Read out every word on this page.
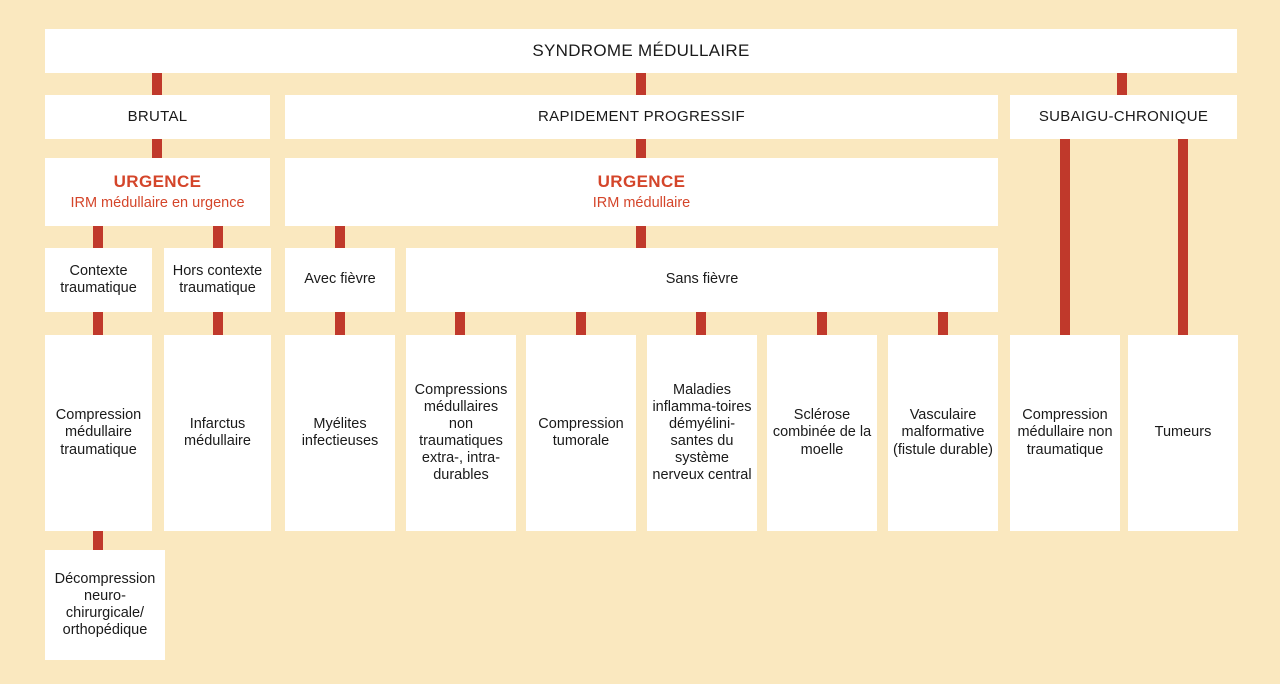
SYNDROME MÉDULLAIRE
BRUTAL	RAPIDEMENT PROGRESSIF	SUBAIGU-CHRONIQUE
URGENCE
IRM médullaire en urgence
URGENCE
IRM médullaire
Contexte traumatique
Hors contexte traumatique
Avec fièvre	Sans fièvre
Compression médullaire traumatique
Infarctus médullaire
Myélites infectieuses
Compressions médullaires non traumatiques extra-, intra-durables
Compression tumorale
Maladies inflamma-toires démyélini-santes du système nerveux central
Sclérose combinée de la moelle
Vasculaire malformative (fistule durable)
Compression médullaire non traumatique
Tumeurs
Décompression neuro-chirurgicale/ orthopédique
